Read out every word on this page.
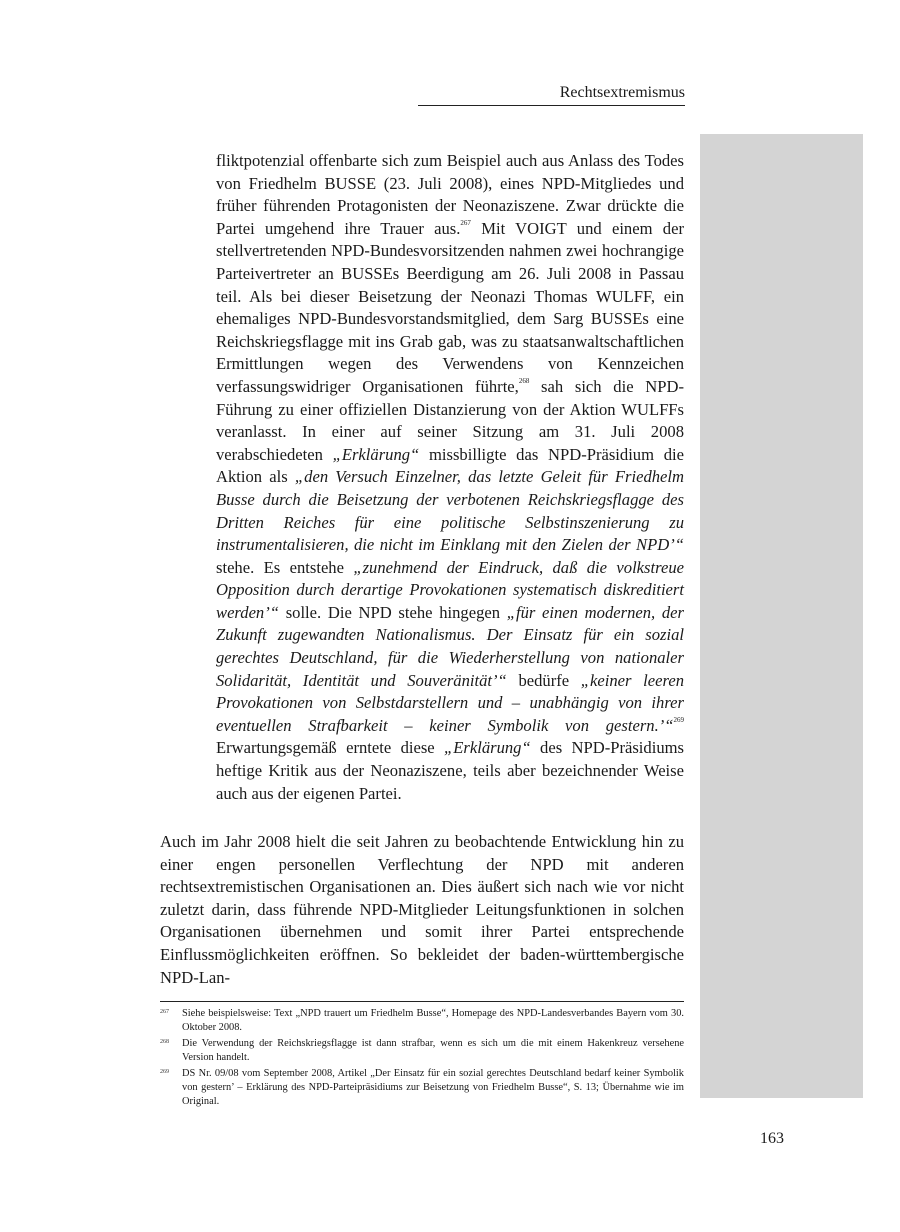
Rechtsextremismus

fliktpotenzial offenbarte sich zum Beispiel auch aus Anlass des Todes von Friedhelm BUSSE (23. Juli 2008), eines NPD-Mitgliedes und früher führenden Protagonisten der Neonaziszene. Zwar drückte die Partei umgehend ihre Trauer aus.$^{267}$ Mit VOIGT und einem der stellvertretenden NPD-Bundesvorsitzenden nahmen zwei hochrangige Parteivertreter an BUSSEs Beerdigung am 26. Juli 2008 in Passau teil. Als bei dieser Beisetzung der Neonazi Thomas WULFF, ein ehemaliges NPD-Bundesvorstandsmitglied, dem Sarg BUSSEs eine Reichskriegsflagge mit ins Grab gab, was zu staatsanwaltschaftlichen Ermittlungen wegen des Verwendens von Kennzeichen verfassungswidriger Organisationen führte,$^{268}$ sah sich die NPD-Führung zu einer offiziellen Distanzierung von der Aktion WULFFs veranlasst. In einer auf seiner Sitzung am 31. Juli 2008 verabschiedeten „Erklärung“ missbilligte das NPD-Präsidium die Aktion als „den Versuch Einzelner, das letzte Geleit für Friedhelm Busse durch die Beisetzung der verbotenen Reichskriegsflagge des Dritten Reiches für eine politische Selbstinszenierung zu instrumentalisieren, die nicht im Einklang mit den Zielen der NPD’“ stehe. Es entstehe „zunehmend der Eindruck, daß die volkstreue Opposition durch derartige Provokationen systematisch diskreditiert werden’“ solle. Die NPD stehe hingegen „für einen modernen, der Zukunft zugewandten Nationalismus. Der Einsatz für ein sozial gerechtes Deutschland, für die Wiederherstellung von nationaler Solidarität, Identität und Souveränität’“ bedürfe „keiner leeren Provokationen von Selbstdarstellern und – unabhängig von ihrer eventuellen Strafbarkeit – keiner Symbolik von gestern.’“$^{269}$ Erwartungsgemäß erntete diese „Erklärung“ des NPD-Präsidiums heftige Kritik aus der Neonaziszene, teils aber bezeichnender Weise auch aus der eigenen Partei.

Auch im Jahr 2008 hielt die seit Jahren zu beobachtende Entwicklung hin zu einer engen personellen Verflechtung der NPD mit anderen rechtsextremistischen Organisationen an. Dies äußert sich nach wie vor nicht zuletzt darin, dass führende NPD-Mitglieder Leitungsfunktionen in solchen Organisationen übernehmen und somit ihrer Partei entsprechende Einflussmöglichkeiten eröffnen. So bekleidet der baden-württembergische NPD-Lan-

267	Siehe beispielsweise: Text „NPD trauert um Friedhelm Busse“, Homepage des NPD-Landesverbandes Bayern vom 30. Oktober 2008.
268	Die Verwendung der Reichskriegsflagge ist dann strafbar, wenn es sich um die mit einem Hakenkreuz versehene Version handelt.
269	DS Nr. 09/08 vom September 2008, Artikel „Der Einsatz für ein sozial gerechtes Deutschland bedarf keiner Symbolik von gestern’ – Erklärung des NPD-Parteipräsidiums zur Beisetzung von Friedhelm Busse“, S. 13; Übernahme wie im Original.
163
